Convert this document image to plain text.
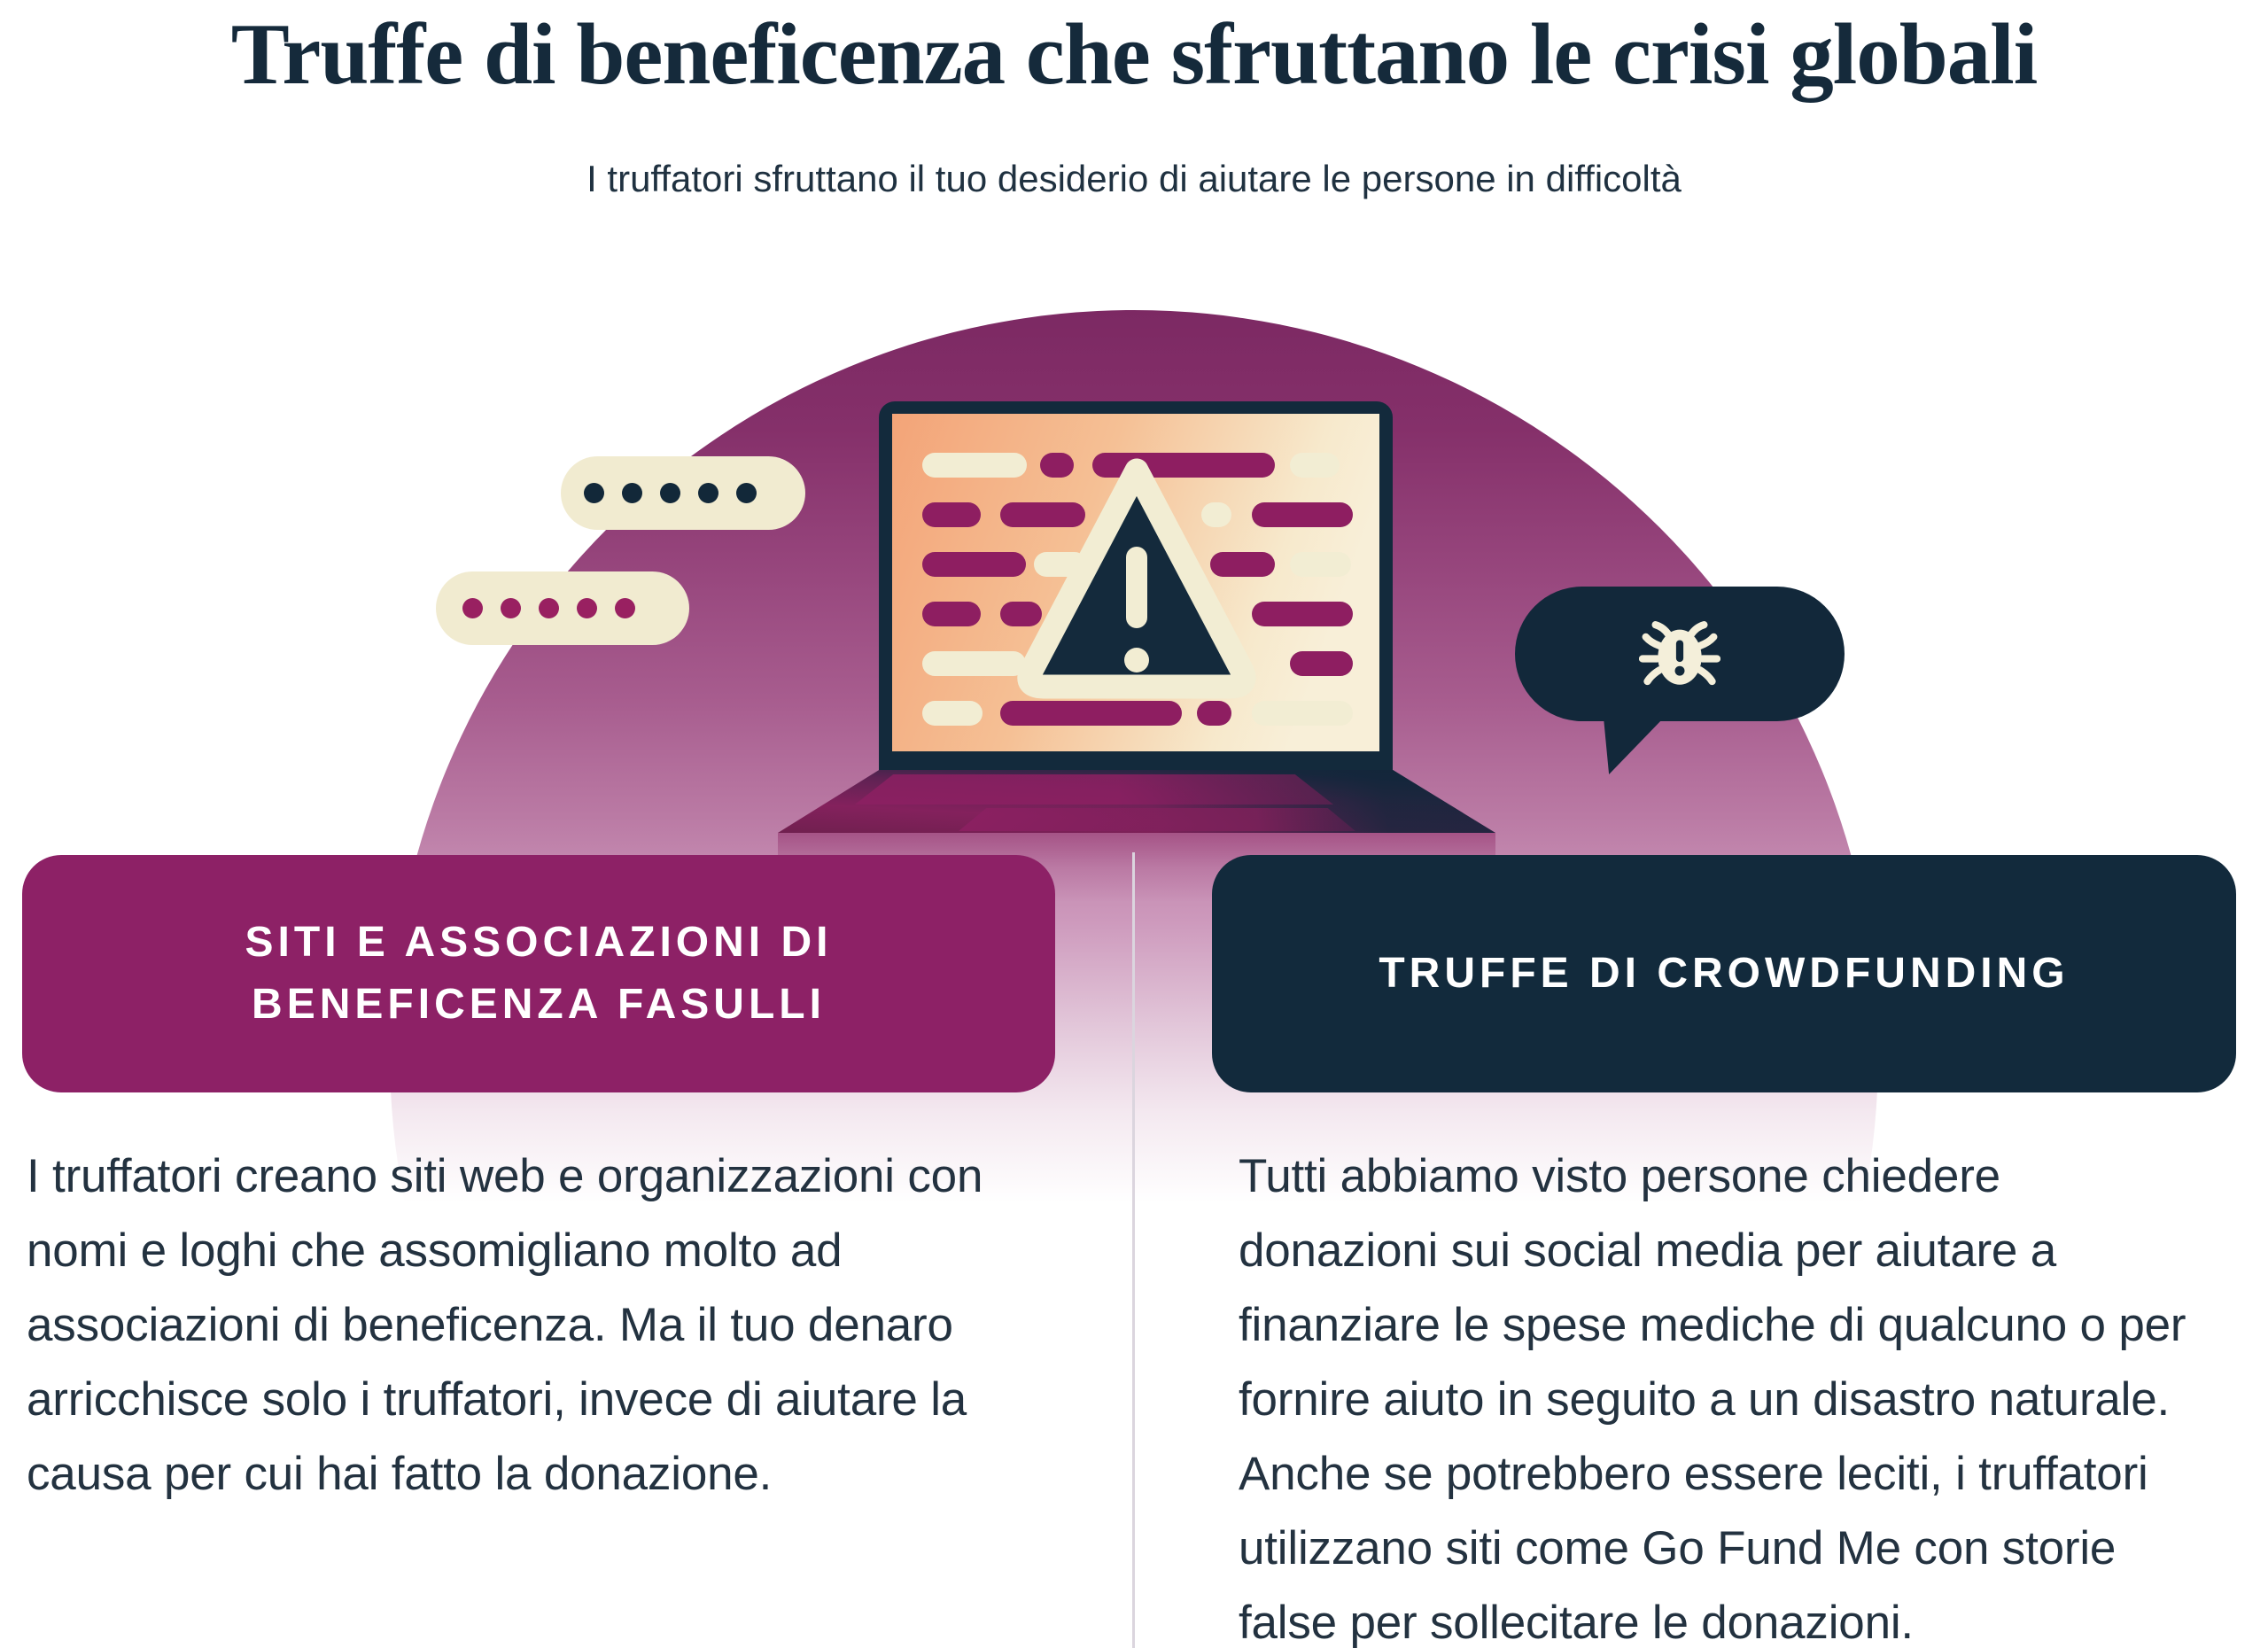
Truffe di beneficenza che sfruttano le crisi globali
I truffatori sfruttano il tuo desiderio di aiutare le persone in difficoltà
SITI E ASSOCIAZIONI DI
BENEFICENZA FASULLI
TRUFFE DI CROWDFUNDING
I truffatori creano siti web e organizzazioni con
nomi e loghi che assomigliano molto ad
associazioni di beneficenza. Ma il tuo denaro
arricchisce solo i truffatori, invece di aiutare la
causa per cui hai fatto la donazione.
Tutti abbiamo visto persone chiedere
donazioni sui social media per aiutare a
finanziare le spese mediche di qualcuno o per
fornire aiuto in seguito a un disastro naturale.
Anche se potrebbero essere leciti, i truffatori
utilizzano siti come Go Fund Me con storie
false per sollecitare le donazioni.
